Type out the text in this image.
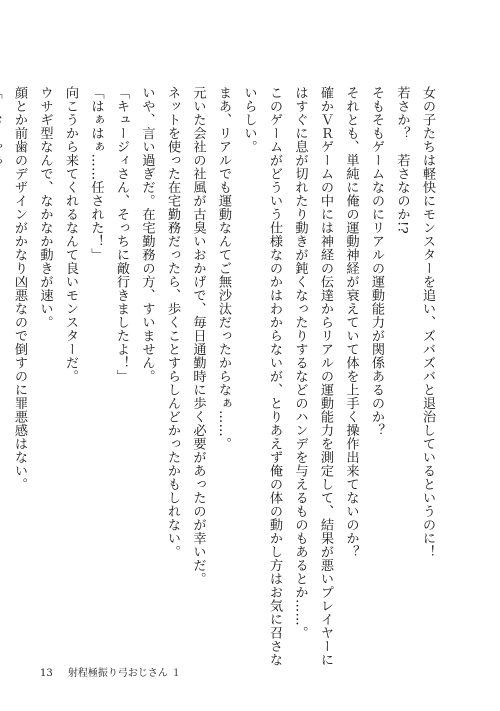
女の子たちは軽快にモンスターを追い、ズバズバと退治しているというのに！
若さか？　若さなのか!?
そもそもゲームなのにリアルの運動能力が関係あるのか？
それとも、単純に俺の運動神経が衰えていて体を上手く操作出来てないのか？
確かＶＲゲームの中には神経の伝達からリアルの運動能力を測定して、結果が悪いプレイヤーに
はすぐに息が切れたり動きが鈍くなったりするなどのハンデを与えるものもあるとか……。
このゲームがどういう仕様なのかはわからないが、とりあえず俺の体の動かし方はお気に召さな
いらしい。
まあ、リアルでも運動なんてご無沙汰だったからなぁ……。
元いた会社の社風が古臭いおかげで、毎日通勤時に歩く必要があったのが幸いだ。
ネットを使った在宅勤務だったら、歩くことすらしんどかったかもしれない。
いや、言い過ぎだ。在宅勤務の方、すいません。
「キュージィさん、そっちに敵行きましたよ！」
「はぁはぁ……任された！」
向こうから来てくれるなんて良いモンスターだ。
ウサギ型なんで、なかなか動きが速い。
顔とか前歯のデザインがかなり凶悪なので倒すのに罪悪感はない。
13 射程極振り弓おじさん １
